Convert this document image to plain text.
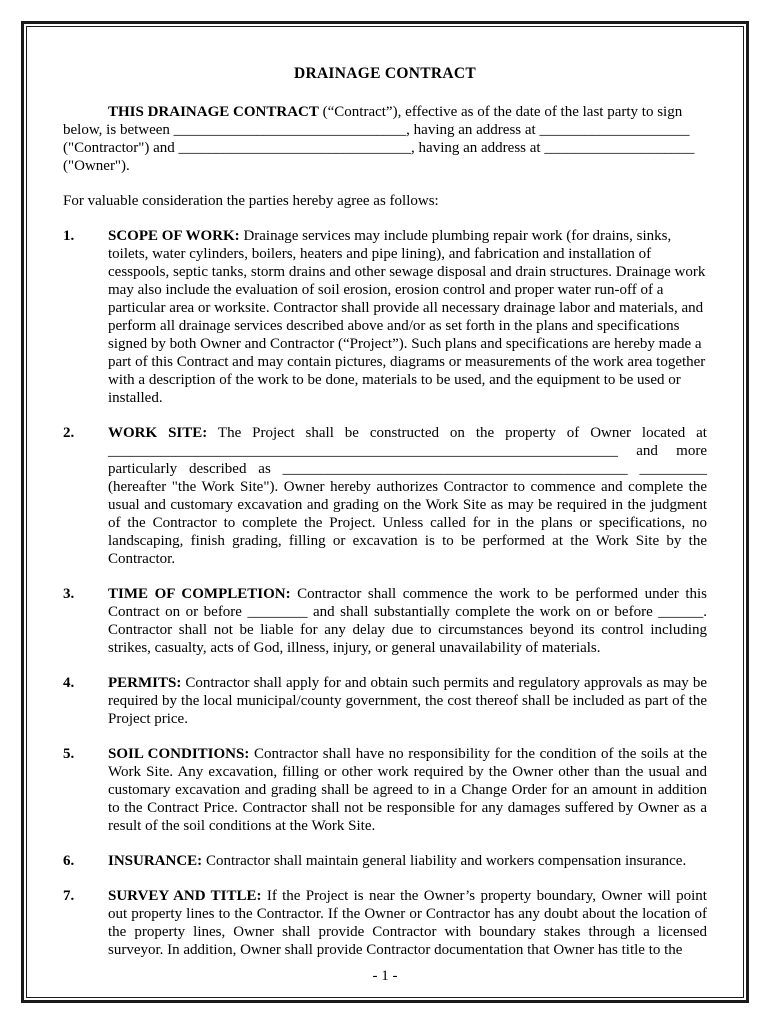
DRAINAGE CONTRACT

THIS DRAINAGE CONTRACT (“Contract”), effective as of the date of the last party to sign below, is between _______________________________, having an address at ____________________ ("Contractor") and _______________________________, having an address at ____________________ ("Owner").

For valuable consideration the parties hereby agree as follows:

1.	SCOPE OF WORK: Drainage services may include plumbing repair work (for drains, sinks, toilets, water cylinders, boilers, heaters and pipe lining), and fabrication and installation of cesspools, septic tanks, storm drains and other sewage disposal and drain structures. Drainage work may also include the evaluation of soil erosion, erosion control and proper water run-off of a particular area or worksite. Contractor shall provide all necessary drainage labor and materials, and perform all drainage services described above and/or as set forth in the plans and specifications signed by both Owner and Contractor (“Project”). Such plans and specifications are hereby made a part of this Contract and may contain pictures, diagrams or measurements of the work area together with a description of the work to be done, materials to be used, and the equipment to be used or installed.
2.	WORK SITE: The Project shall be constructed on the property of Owner located at ____________________________________________________________________ and more particularly described as ______________________________________________ _________ (hereafter "the Work Site"). Owner hereby authorizes Contractor to commence and complete the usual and customary excavation and grading on the Work Site as may be required in the judgment of the Contractor to complete the Project. Unless called for in the plans or specifications, no landscaping, finish grading, filling or excavation is to be performed at the Work Site by the Contractor.
3.	TIME OF COMPLETION: Contractor shall commence the work to be performed under this Contract on or before ________ and shall substantially complete the work on or before ______. Contractor shall not be liable for any delay due to circumstances beyond its control including strikes, casualty, acts of God, illness, injury, or general unavailability of materials.
4.	PERMITS: Contractor shall apply for and obtain such permits and regulatory approvals as may be required by the local municipal/county government, the cost thereof shall be included as part of the Project price.
5.	SOIL CONDITIONS: Contractor shall have no responsibility for the condition of the soils at the Work Site. Any excavation, filling or other work required by the Owner other than the usual and customary excavation and grading shall be agreed to in a Change Order for an amount in addition to the Contract Price. Contractor shall not be responsible for any damages suffered by Owner as a result of the soil conditions at the Work Site.
6.	INSURANCE: Contractor shall maintain general liability and workers compensation insurance.
7.	SURVEY AND TITLE: If the Project is near the Owner’s property boundary, Owner will point out property lines to the Contractor. If the Owner or Contractor has any doubt about the location of the property lines, Owner shall provide Contractor with boundary stakes through a licensed surveyor. In addition, Owner shall provide Contractor documentation that Owner has title to the
- 1 -
